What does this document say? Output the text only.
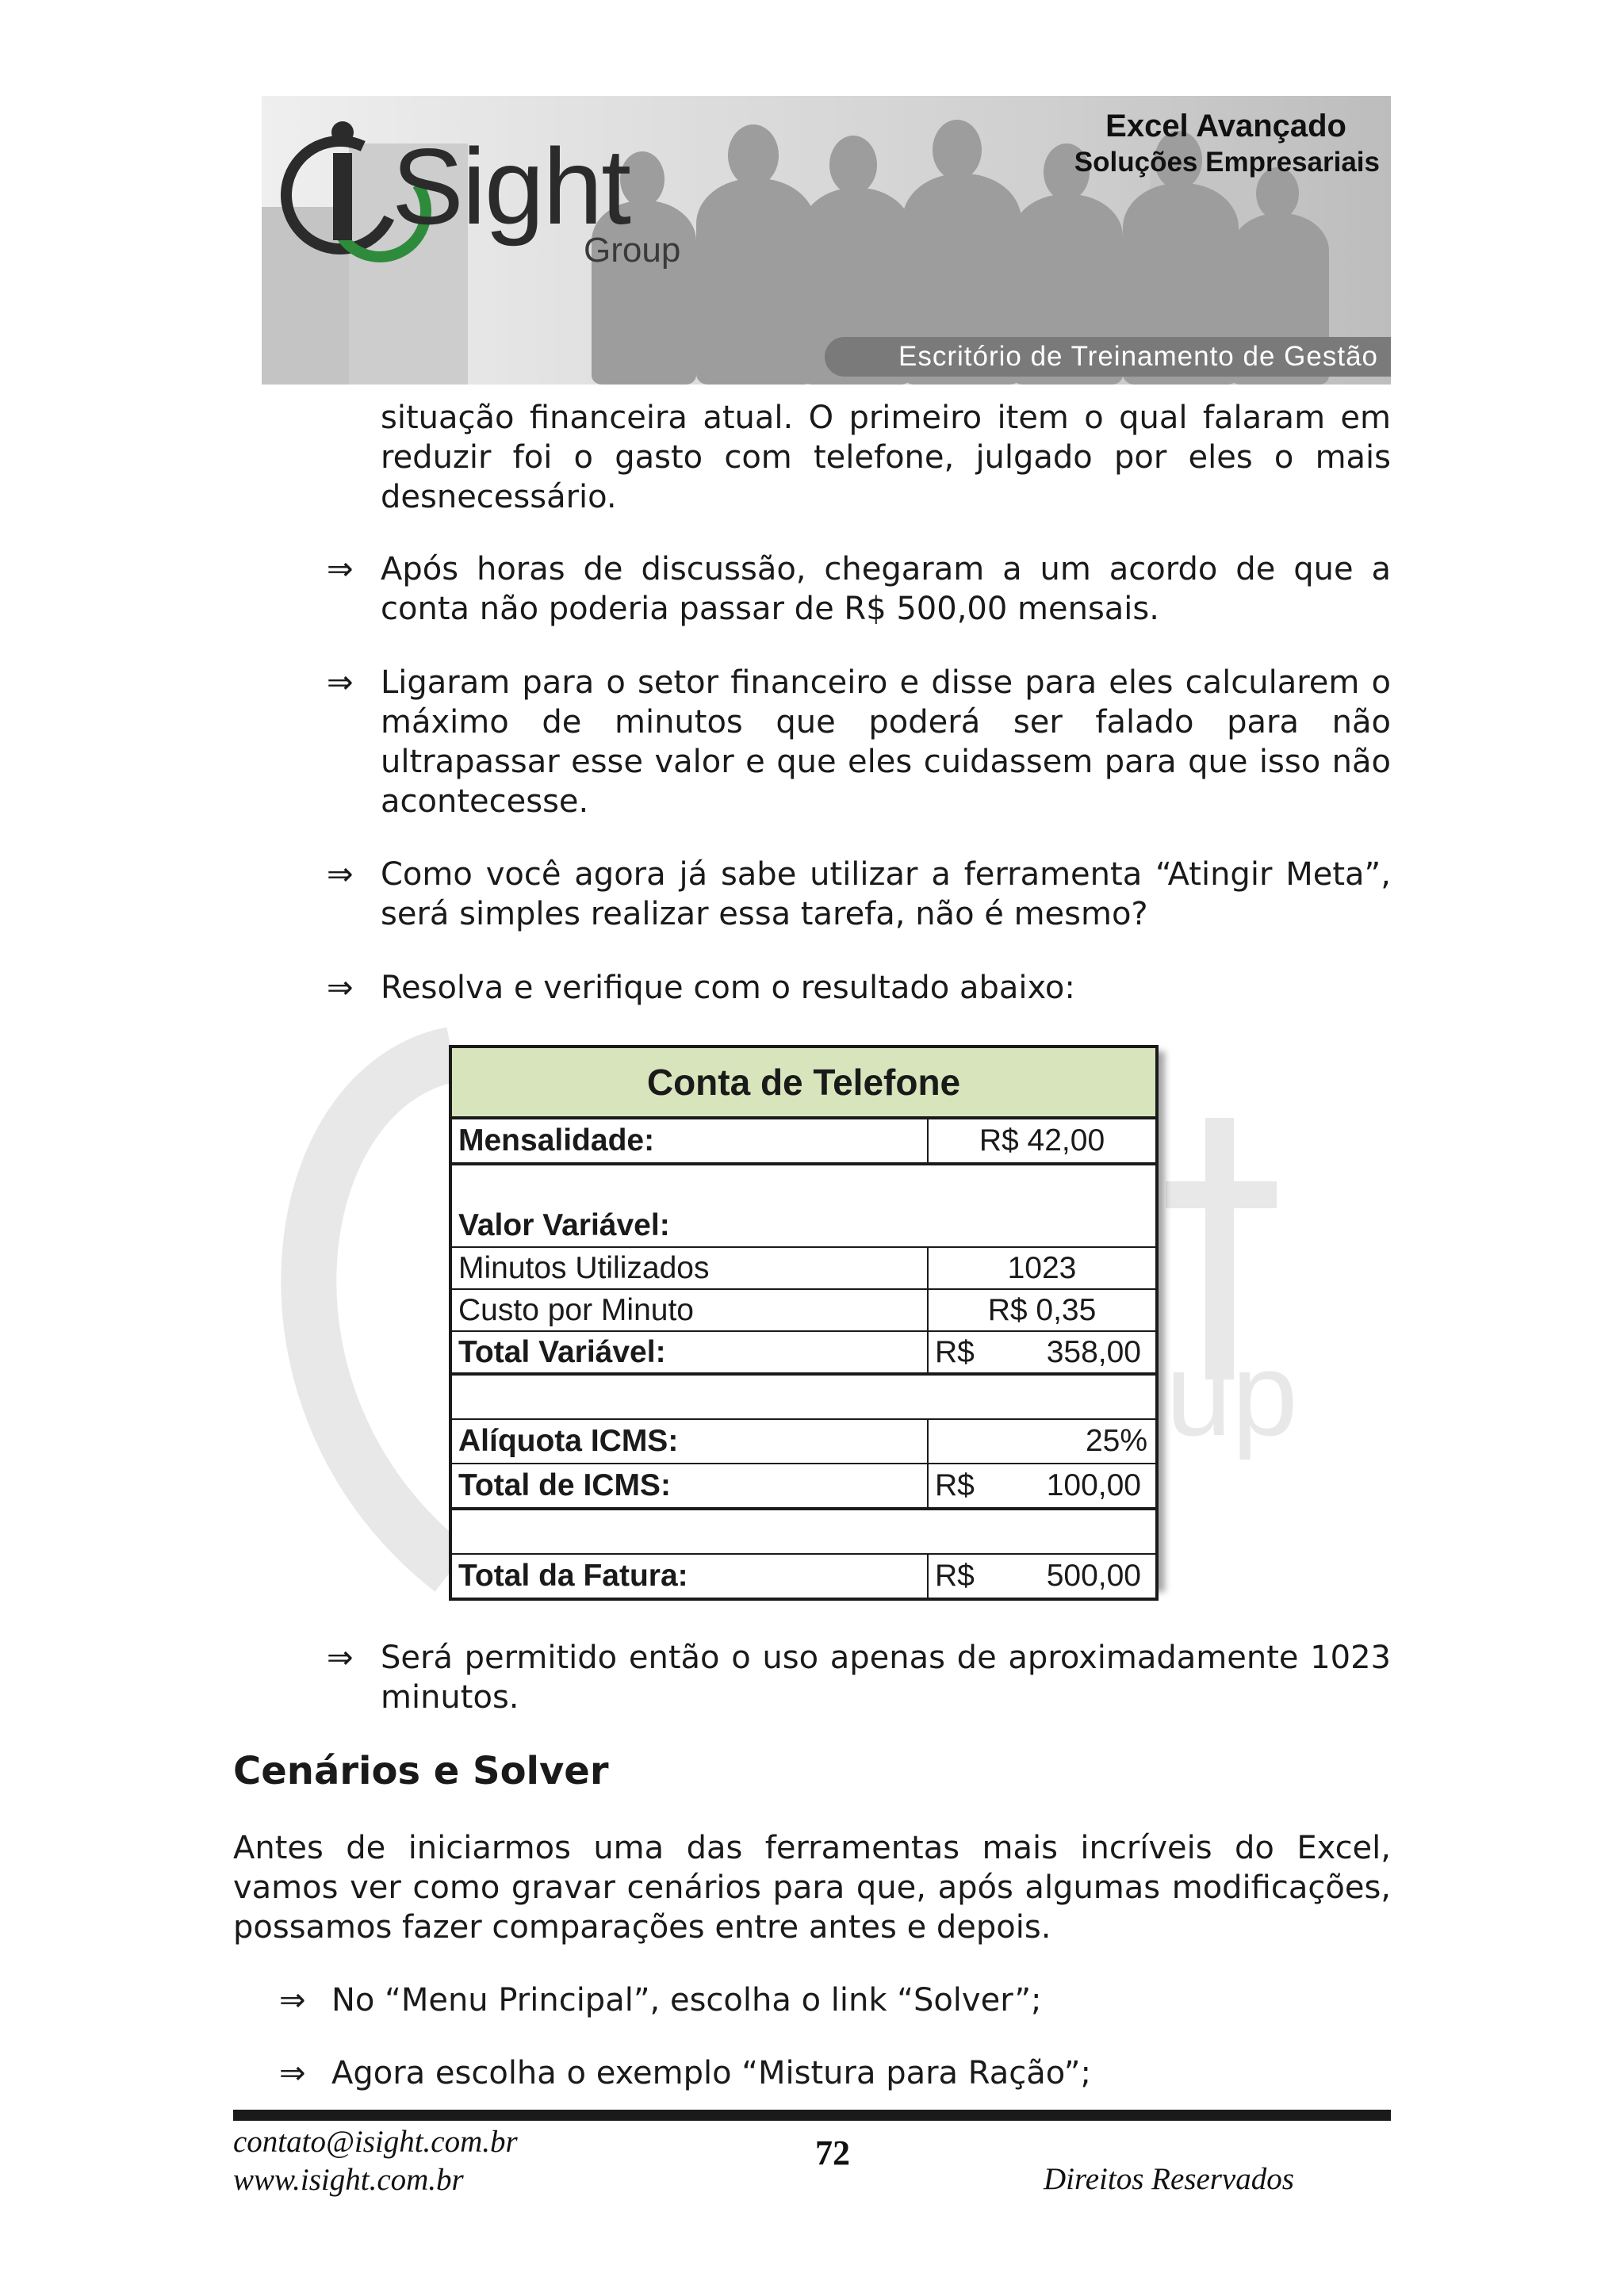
Sight
Group
Excel Avançado
Soluções Empresariais
Escritório de Treinamento de Gestão

situação financeira atual. O primeiro item o qual falaram em reduzir foi o gasto com telefone, julgado por eles o mais desnecessário.

⇒ Após horas de discussão, chegaram a um acordo de que a conta não poderia passar de R$ 500,00 mensais.

⇒ Ligaram para o setor financeiro e disse para eles calcularem o máximo de minutos que poderá ser falado para não ultrapassar esse valor e que eles cuidassem para que isso não acontecesse.

⇒ Como você agora já sabe utilizar a ferramenta “Atingir Meta”, será simples realizar essa tarefa, não é mesmo?

⇒ Resolva e verifique com o resultado abaixo:

up
Conta de Telefone	
Mensalidade:	R$ 42,00
Valor Variável:	
Minutos Utilizados	1023
Custo por Minuto	R$ 0,35
Total Variável:	R$ 358,00

Alíquota ICMS:	25%
Total de ICMS:	R$ 100,00

Total da Fatura:	R$ 500,00
⇒ Será permitido então o uso apenas de aproximadamente 1023 minutos.

Cenários e Solver

Antes de iniciarmos uma das ferramentas mais incríveis do Excel, vamos ver como gravar cenários para que, após algumas modificações, possamos fazer comparações entre antes e depois.

⇒ No “Menu Principal”, escolha o link “Solver”;

⇒ Agora escolha o exemplo “Mistura para Ração”;

contato@isight.com.br
www.isight.com.br
72
Direitos Reservados
